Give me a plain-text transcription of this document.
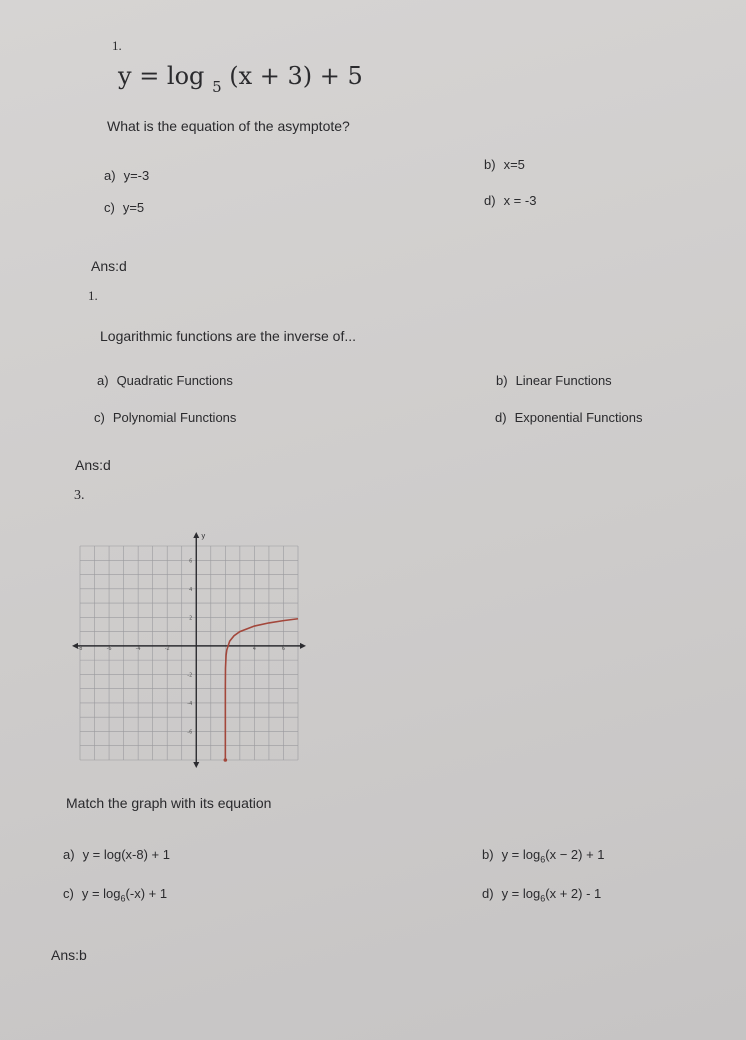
1.
y = log $_5$ (x + 3) + 5
What is the equation of the asymptote?
a) y=-3
b) x=5
c) y=5	d) x = -3
Ans:d
1.
Logarithmic functions are the inverse of...
a) Quadratic Functions	b) Linear Functions
c) Polynomial Functions	d) Exponential Functions
Ans:d
3.
y
-8	-6	-4	-2	4	6
6
4
2
-2
-4
-6
Match the graph with its equation
a) y = log(x-8) + 1	b) $y = \log_6(x - 2) + 1$
c) $y = \log_6(-x) + 1$	d) $y = \log_6(x + 2) - 1$
Ans:b
